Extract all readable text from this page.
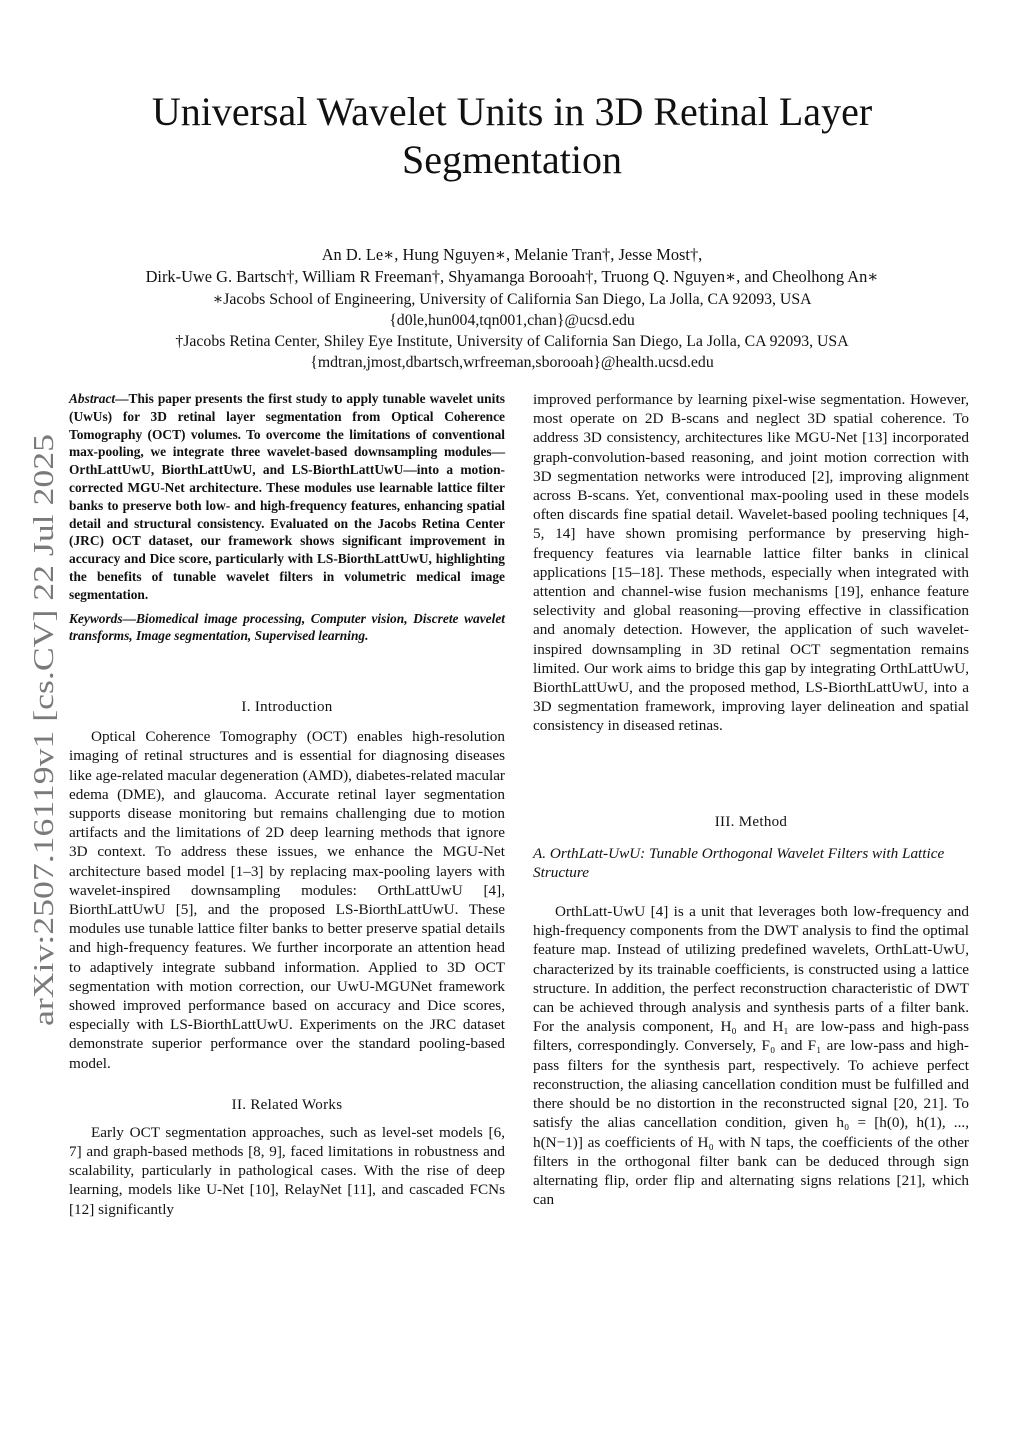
Universal Wavelet Units in 3D Retinal Layer
Segmentation
An D. Le∗, Hung Nguyen∗, Melanie Tran†, Jesse Most†,
Dirk-Uwe G. Bartsch†, William R Freeman†, Shyamanga Borooah†, Truong Q. Nguyen∗, and Cheolhong An∗
∗Jacobs School of Engineering, University of California San Diego, La Jolla, CA 92093, USA
{d0le,hun004,tqn001,chan}@ucsd.edu
†Jacobs Retina Center, Shiley Eye Institute, University of California San Diego, La Jolla, CA 92093, USA
{mdtran,jmost,dbartsch,wrfreeman,sborooah}@health.ucsd.edu
arXiv:2507.16119v1 [cs.CV] 22 Jul 2025

Abstract—This paper presents the first study to apply tunable wavelet units (UwUs) for 3D retinal layer segmentation from Optical Coherence Tomography (OCT) volumes. To overcome the limitations of conventional max-pooling, we integrate three wavelet-based downsampling modules—OrthLattUwU, BiorthLattUwU, and LS-BiorthLattUwU—into a motion-corrected MGU-Net architecture. These modules use learnable lattice filter banks to preserve both low- and high-frequency features, enhancing spatial detail and structural consistency. Evaluated on the Jacobs Retina Center (JRC) OCT dataset, our framework shows significant improvement in accuracy and Dice score, particularly with LS-BiorthLattUwU, highlighting the benefits of tunable wavelet filters in volumetric medical image segmentation.

Keywords—Biomedical image processing, Computer vision, Discrete wavelet transforms, Image segmentation, Supervised learning.

I. Introduction

Optical Coherence Tomography (OCT) enables high-resolution imaging of retinal structures and is essential for diagnosing diseases like age-related macular degeneration (AMD), diabetes-related macular edema (DME), and glaucoma. Accurate retinal layer segmentation supports disease monitoring but remains challenging due to motion artifacts and the limitations of 2D deep learning methods that ignore 3D context. To address these issues, we enhance the MGU-Net architecture based model [1–3] by replacing max-pooling layers with wavelet-inspired downsampling modules: OrthLattUwU [4], BiorthLattUwU [5], and the proposed LS-BiorthLattUwU. These modules use tunable lattice filter banks to better preserve spatial details and high-frequency features. We further incorporate an attention head to adaptively integrate subband information. Applied to 3D OCT segmentation with motion correction, our UwU-MGUNet framework showed improved performance based on accuracy and Dice scores, especially with LS-BiorthLattUwU. Experiments on the JRC dataset demonstrate superior performance over the standard pooling-based model.

II. Related Works

Early OCT segmentation approaches, such as level-set models [6, 7] and graph-based methods [8, 9], faced limitations in robustness and scalability, particularly in pathological cases. With the rise of deep learning, models like U-Net [10], RelayNet [11], and cascaded FCNs [12] significantly

improved performance by learning pixel-wise segmentation. However, most operate on 2D B-scans and neglect 3D spatial coherence. To address 3D consistency, architectures like MGU-Net [13] incorporated graph-convolution-based reasoning, and joint motion correction with 3D segmentation networks were introduced [2], improving alignment across B-scans. Yet, conventional max-pooling used in these models often discards fine spatial detail. Wavelet-based pooling techniques [4, 5, 14] have shown promising performance by preserving high-frequency features via learnable lattice filter banks in clinical applications [15–18]. These methods, especially when integrated with attention and channel-wise fusion mechanisms [19], enhance feature selectivity and global reasoning—proving effective in classification and anomaly detection. However, the application of such wavelet-inspired downsampling in 3D retinal OCT segmentation remains limited. Our work aims to bridge this gap by integrating OrthLattUwU, BiorthLattUwU, and the proposed method, LS-BiorthLattUwU, into a 3D segmentation framework, improving layer delineation and spatial consistency in diseased retinas.

III. Method

A. OrthLatt-UwU: Tunable Orthogonal Wavelet Filters with Lattice Structure

OrthLatt-UwU [4] is a unit that leverages both low-frequency and high-frequency components from the DWT analysis to find the optimal feature map. Instead of utilizing predefined wavelets, OrthLatt-UwU, characterized by its trainable coefficients, is constructed using a lattice structure. In addition, the perfect reconstruction characteristic of DWT can be achieved through analysis and synthesis parts of a filter bank. For the analysis component, H₀ and H₁ are low-pass and high-pass filters, correspondingly. Conversely, F₀ and F₁ are low-pass and high-pass filters for the synthesis part, respectively. To achieve perfect reconstruction, the aliasing cancellation condition must be fulfilled and there should be no distortion in the reconstructed signal [20, 21]. To satisfy the alias cancellation condition, given h₀ = [h(0), h(1), ..., h(N−1)] as coefficients of H₀ with N taps, the coefficients of the other filters in the orthogonal filter bank can be deduced through sign alternating flip, order flip and alternating signs relations [21], which can
